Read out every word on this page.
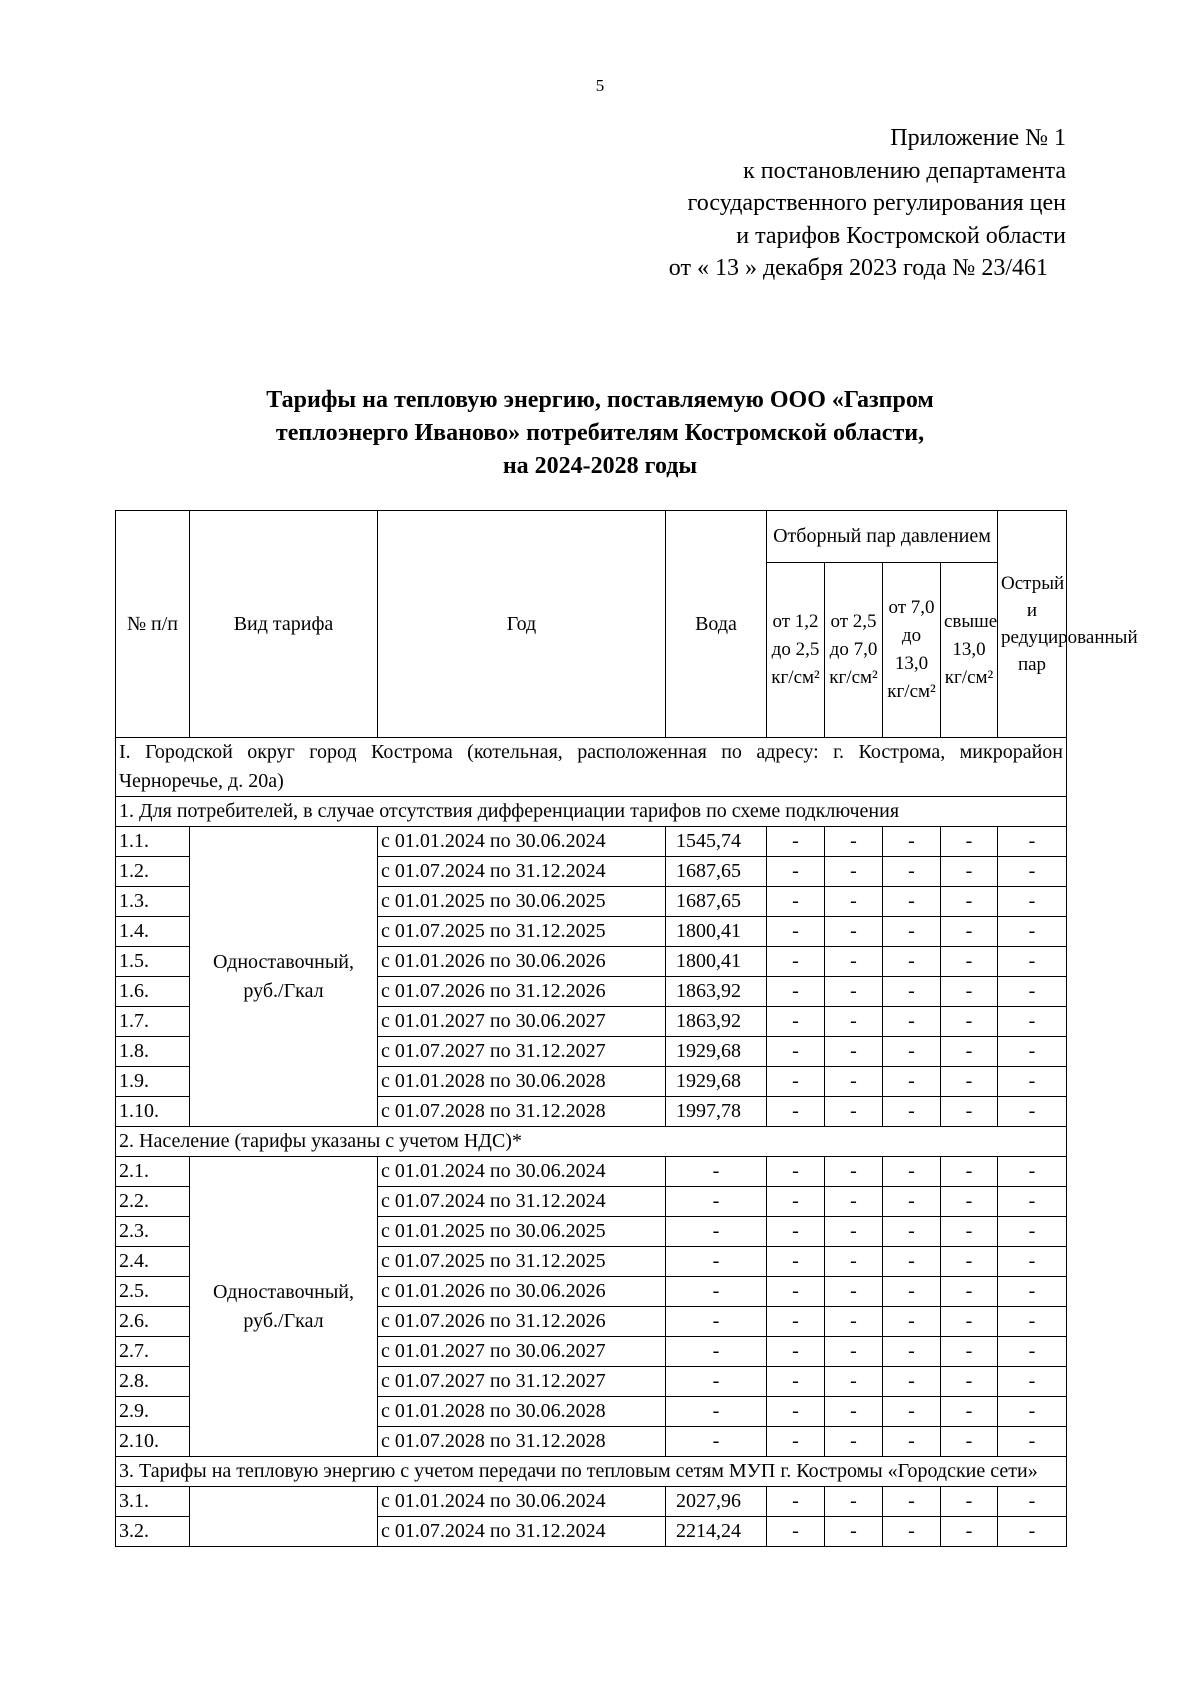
5
Приложение № 1
к постановлению департамента
государственного регулирования цен
и тарифов Костромской области
от « 13 » декабря 2023 года № 23/461
Тарифы на тепловую энергию, поставляемую ООО «Газпром
теплоэнерго Иваново» потребителям Костромской области,
на 2024-2028 годы
№ п/п	Вид тарифа	Год	Вода	Отборный пар давлением				Острый и редуцированный пар
				от 1,2 до 2,5 кг/см²	от 2,5 до 7,0 кг/см²	от 7,0 до 13,0 кг/см²	свыше 13,0 кг/см²	
I. Городской округ город Кострома (котельная, расположенная по адресу: г. Кострома, микрорайон Черноречье, д. 20а)								
1. Для потребителей, в случае отсутствия дифференциации тарифов по схеме подключения								
1.1.	Одноставочный, руб./Гкал	с 01.01.2024 по 30.06.2024	1545,74	-	-	-	-	-
1.2.		с 01.07.2024 по 31.12.2024	1687,65	-	-	-	-	-
1.3.		с 01.01.2025 по 30.06.2025	1687,65	-	-	-	-	-
1.4.		с 01.07.2025 по 31.12.2025	1800,41	-	-	-	-	-
1.5.		с 01.01.2026 по 30.06.2026	1800,41	-	-	-	-	-
1.6.		с 01.07.2026 по 31.12.2026	1863,92	-	-	-	-	-
1.7.		с 01.01.2027 по 30.06.2027	1863,92	-	-	-	-	-
1.8.		с 01.07.2027 по 31.12.2027	1929,68	-	-	-	-	-
1.9.		с 01.01.2028 по 30.06.2028	1929,68	-	-	-	-	-
1.10.		с 01.07.2028 по 31.12.2028	1997,78	-	-	-	-	-
2. Население (тарифы указаны с учетом НДС)*								
2.1.	Одноставочный, руб./Гкал	с 01.01.2024 по 30.06.2024	-	-	-	-	-	-
2.2.		с 01.07.2024 по 31.12.2024	-	-	-	-	-	-
2.3.		с 01.01.2025 по 30.06.2025	-	-	-	-	-	-
2.4.		с 01.07.2025 по 31.12.2025	-	-	-	-	-	-
2.5.		с 01.01.2026 по 30.06.2026	-	-	-	-	-	-
2.6.		с 01.07.2026 по 31.12.2026	-	-	-	-	-	-
2.7.		с 01.01.2027 по 30.06.2027	-	-	-	-	-	-
2.8.		с 01.07.2027 по 31.12.2027	-	-	-	-	-	-
2.9.		с 01.01.2028 по 30.06.2028	-	-	-	-	-	-
2.10.		с 01.07.2028 по 31.12.2028	-	-	-	-	-	-
3. Тарифы на тепловую энергию с учетом передачи по тепловым сетям МУП г. Костромы «Городские сети»								
3.1.		с 01.01.2024 по 30.06.2024	2027,96	-	-	-	-	-
3.2.		с 01.07.2024 по 31.12.2024	2214,24	-	-	-	-	-
